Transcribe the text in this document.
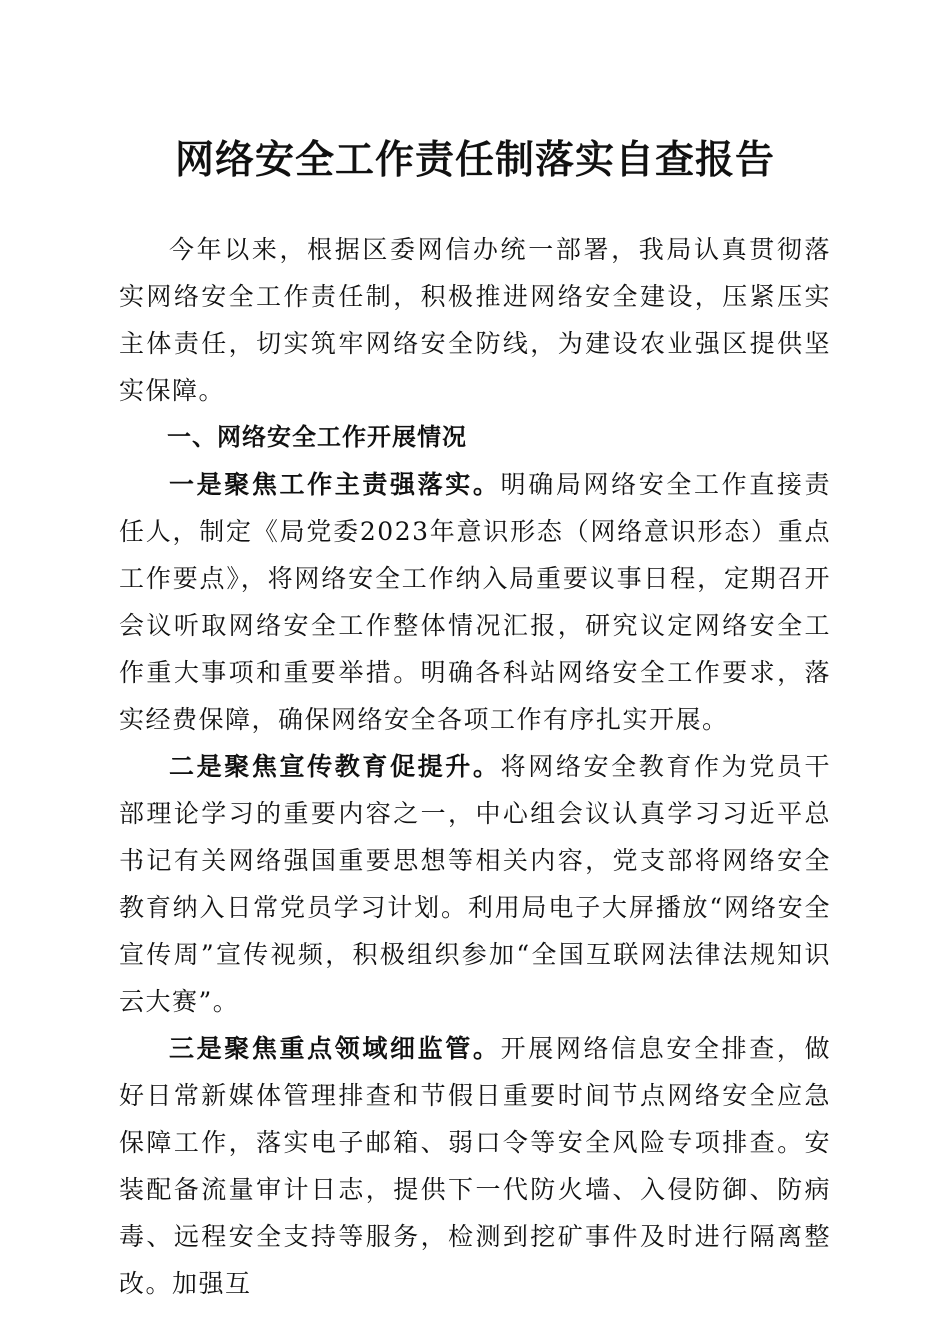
网络安全工作责任制落实自查报告

今年以来，根据区委网信办统一部署，我局认真贯彻落实网络安全工作责任制，积极推进网络安全建设，压紧压实主体责任，切实筑牢网络安全防线，为建设农业强区提供坚实保障。

一、网络安全工作开展情况

一是聚焦工作主责强落实。明确局网络安全工作直接责任人，制定《局党委2023年意识形态（网络意识形态）重点工作要点》，将网络安全工作纳入局重要议事日程，定期召开会议听取网络安全工作整体情况汇报，研究议定网络安全工作重大事项和重要举措。明确各科站网络安全工作要求，落实经费保障，确保网络安全各项工作有序扎实开展。

二是聚焦宣传教育促提升。将网络安全教育作为党员干部理论学习的重要内容之一，中心组会议认真学习习近平总书记有关网络强国重要思想等相关内容，党支部将网络安全教育纳入日常党员学习计划。利用局电子大屏播放“网络安全宣传周”宣传视频，积极组织参加“全国互联网法律法规知识云大赛”。

三是聚焦重点领域细监管。开展网络信息安全排查，做好日常新媒体管理排查和节假日重要时间节点网络安全应急保障工作，落实电子邮箱、弱口令等安全风险专项排查。安装配备流量审计日志，提供下一代防火墙、入侵防御、防病毒、远程安全支持等服务，检测到挖矿事件及时进行隔离整改。加强互
